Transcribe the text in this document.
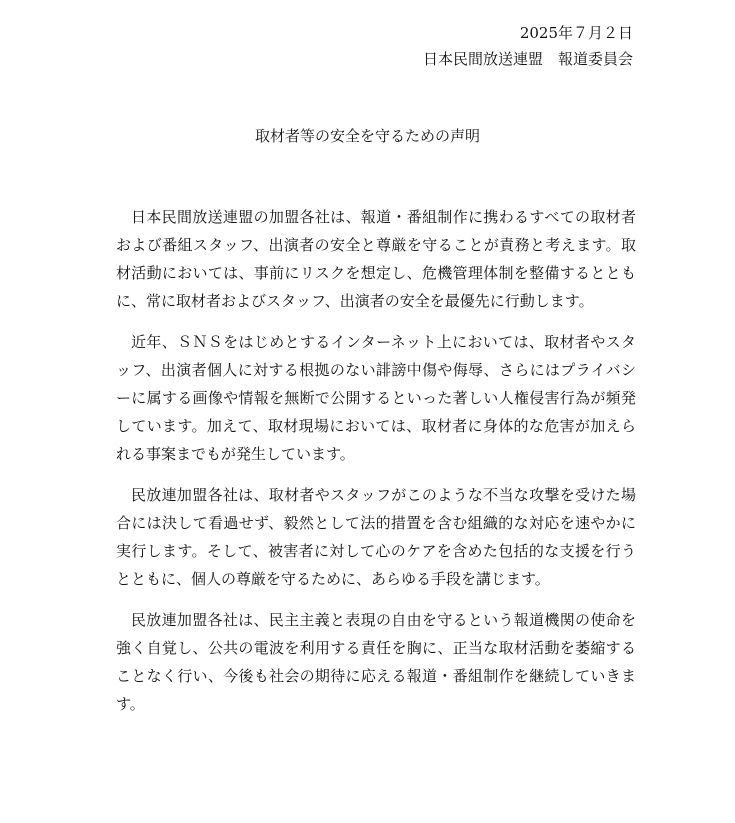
2025年７月２日
日本民間放送連盟　報道委員会
取材者等の安全を守るための声明

日本民間放送連盟の加盟各社は、報道・番組制作に携わるすべての取材者および番組スタッフ、出演者の安全と尊厳を守ることが責務と考えます。取材活動においては、事前にリスクを想定し、危機管理体制を整備するとともに、常に取材者およびスタッフ、出演者の安全を最優先に行動します。

近年、ＳＮＳをはじめとするインターネット上においては、取材者やスタッフ、出演者個人に対する根拠のない誹謗中傷や侮辱、さらにはプライバシーに属する画像や情報を無断で公開するといった著しい人権侵害行為が頻発しています。加えて、取材現場においては、取材者に身体的な危害が加えられる事案までもが発生しています。

民放連加盟各社は、取材者やスタッフがこのような不当な攻撃を受けた場合には決して看過せず、毅然として法的措置を含む組織的な対応を速やかに実行します。そして、被害者に対して心のケアを含めた包括的な支援を行うとともに、個人の尊厳を守るために、あらゆる手段を講じます。

民放連加盟各社は、民主主義と表現の自由を守るという報道機関の使命を強く自覚し、公共の電波を利用する責任を胸に、正当な取材活動を萎縮することなく行い、今後も社会の期待に応える報道・番組制作を継続していきます。
